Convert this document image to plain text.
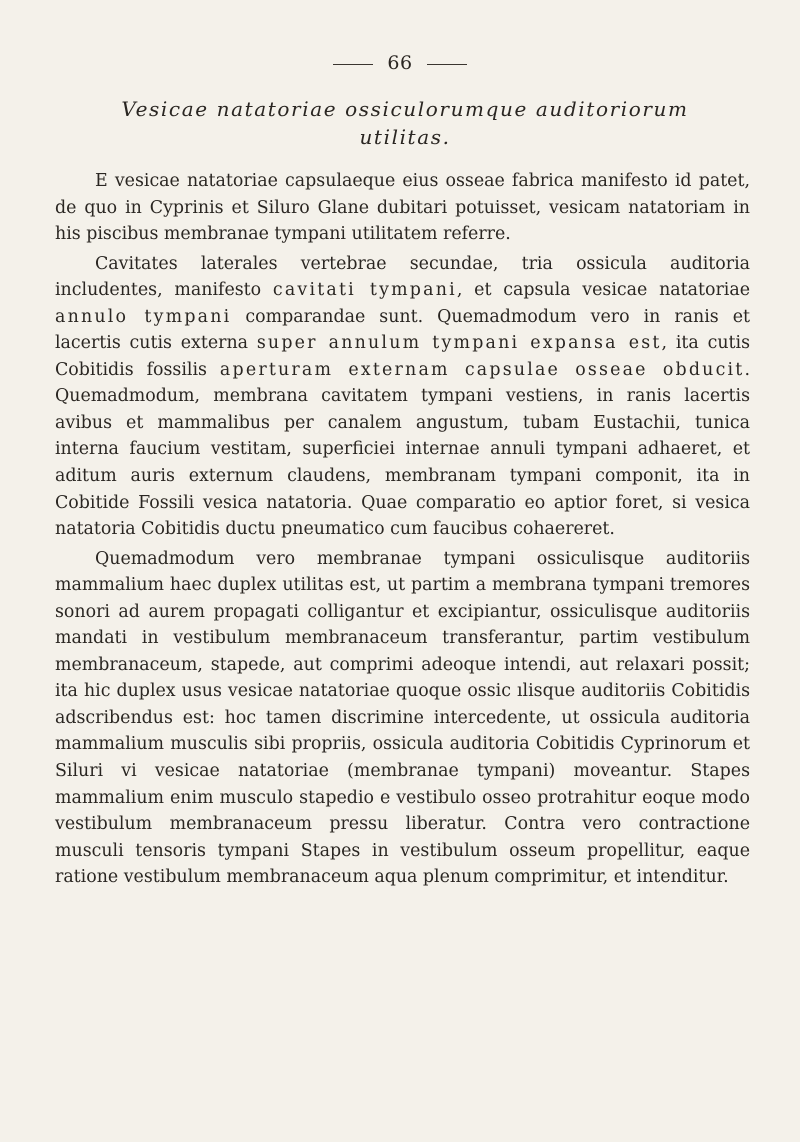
66
Vesicae natatoriae ossiculorumque auditoriorum
utilitas.

E vesicae natatoriae capsulaeque eius osseae fabrica manifesto id patet, de quo in Cyprinis et Siluro Glane dubitari potuisset, vesicam natatoriam in his piscibus membranae tympani utilitatem referre.

Cavitates laterales vertebrae secundae, tria ossicula auditoria includentes, manifesto cavitati tympani, et capsula vesicae natatoriae annulo tympani comparandae sunt. Quemadmodum vero in ranis et lacertis cutis externa super annulum tympani expansa est, ita cutis Cobitidis fossilis aperturam externam capsulae osseae obducit. Quemadmodum, membrana cavitatem tympani vestiens, in ranis lacertis avibus et mammalibus per canalem angustum, tubam Eustachii, tunica interna faucium vestitam, superficiei internae annuli tympani adhaeret, et aditum auris externum claudens, membranam tympani componit, ita in Cobitide Fossili vesica natatoria. Quae comparatio eo aptior foret, si vesica natatoria Cobitidis ductu pneumatico cum faucibus cohaereret.

Quemadmodum vero membranae tympani ossiculisque auditoriis mammalium haec duplex utilitas est, ut partim a membrana tympani tremores sonori ad aurem propagati colligantur et excipiantur, ossiculisque auditoriis mandati in vestibulum membranaceum transferantur, partim vestibulum membranaceum, stapede, aut comprimi adeoque intendi, aut relaxari possit; ita hic duplex usus vesicae natatoriae quoque ossic ılisque auditoriis Cobitidis adscribendus est: hoc tamen discrimine intercedente, ut ossicula auditoria mammalium musculis sibi propriis, ossicula auditoria Cobitidis Cyprinorum et Siluri vi vesicae natatoriae (membranae tympani) moveantur. Stapes mammalium enim musculo stapedio e vestibulo osseo protrahitur eoque modo vestibulum membranaceum pressu liberatur. Contra vero contractione musculi tensoris tympani Stapes in vestibulum osseum propellitur, eaque ratione vestibulum membranaceum aqua plenum comprimitur, et intenditur.
